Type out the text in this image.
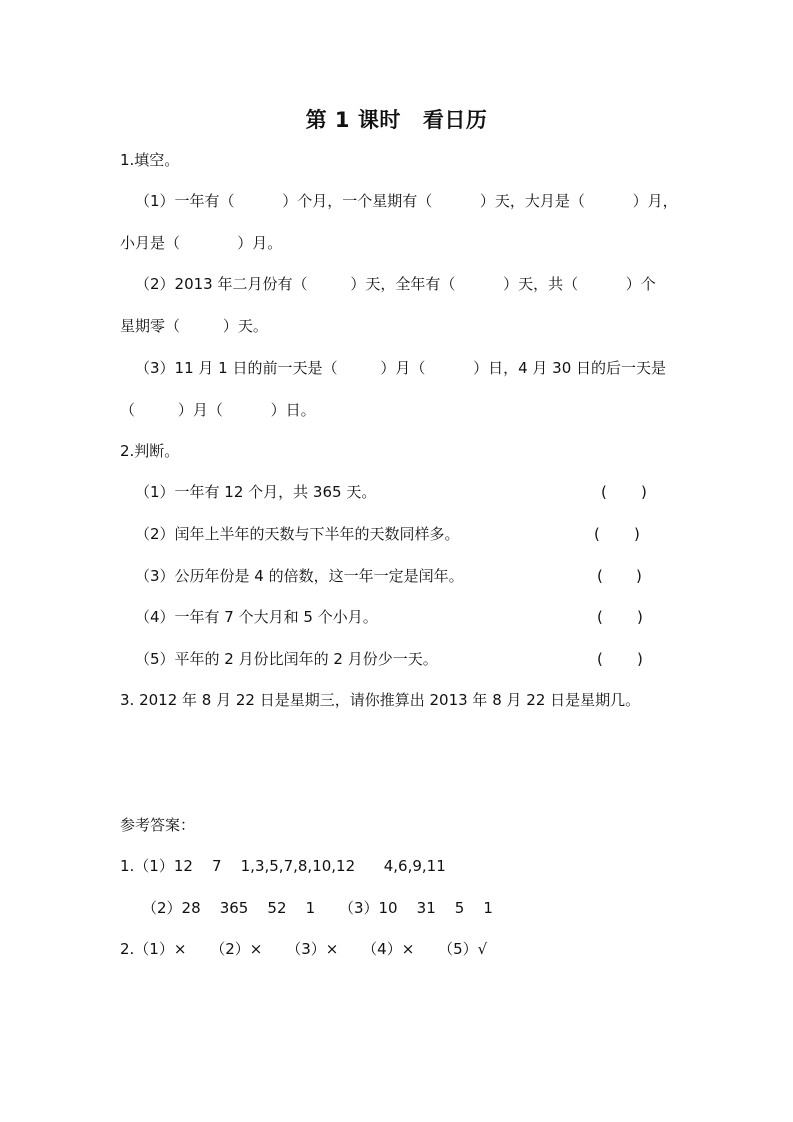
第 1 课时 看日历
1.填空。
（1）一年有（          ）个月，一个星期有（          ）天，大月是（          ）月，
小月是（            ）月。
（2）2013 年二月份有（         ）天，全年有（          ）天，共（          ）个
星期零（         ）天。
（3）11 月 1 日的前一天是（         ）月（          ）日，4 月 30 日的后一天是
（         ）月（          ）日。
2.判断。
（1）一年有 12 个月，共 365 天。	( )
（2）闰年上半年的天数与下半年的天数同样多。	( )
（3）公历年份是 4 的倍数，这一年一定是闰年。	( )
（4）一年有 7 个大月和 5 个小月。	( )
（5）平年的 2 月份比闰年的 2 月份少一天。	( )
3. 2012 年 8 月 22 日是星期三，请你推算出 2013 年 8 月 22 日是星期几。
参考答案：
1.（1）12    7    1,3,5,7,8,10,12      4,6,9,11
（2）28    365    52    1     （3）10    31    5    1
2.（1）×     （2）×     （3）×     （4）×     （5）√
